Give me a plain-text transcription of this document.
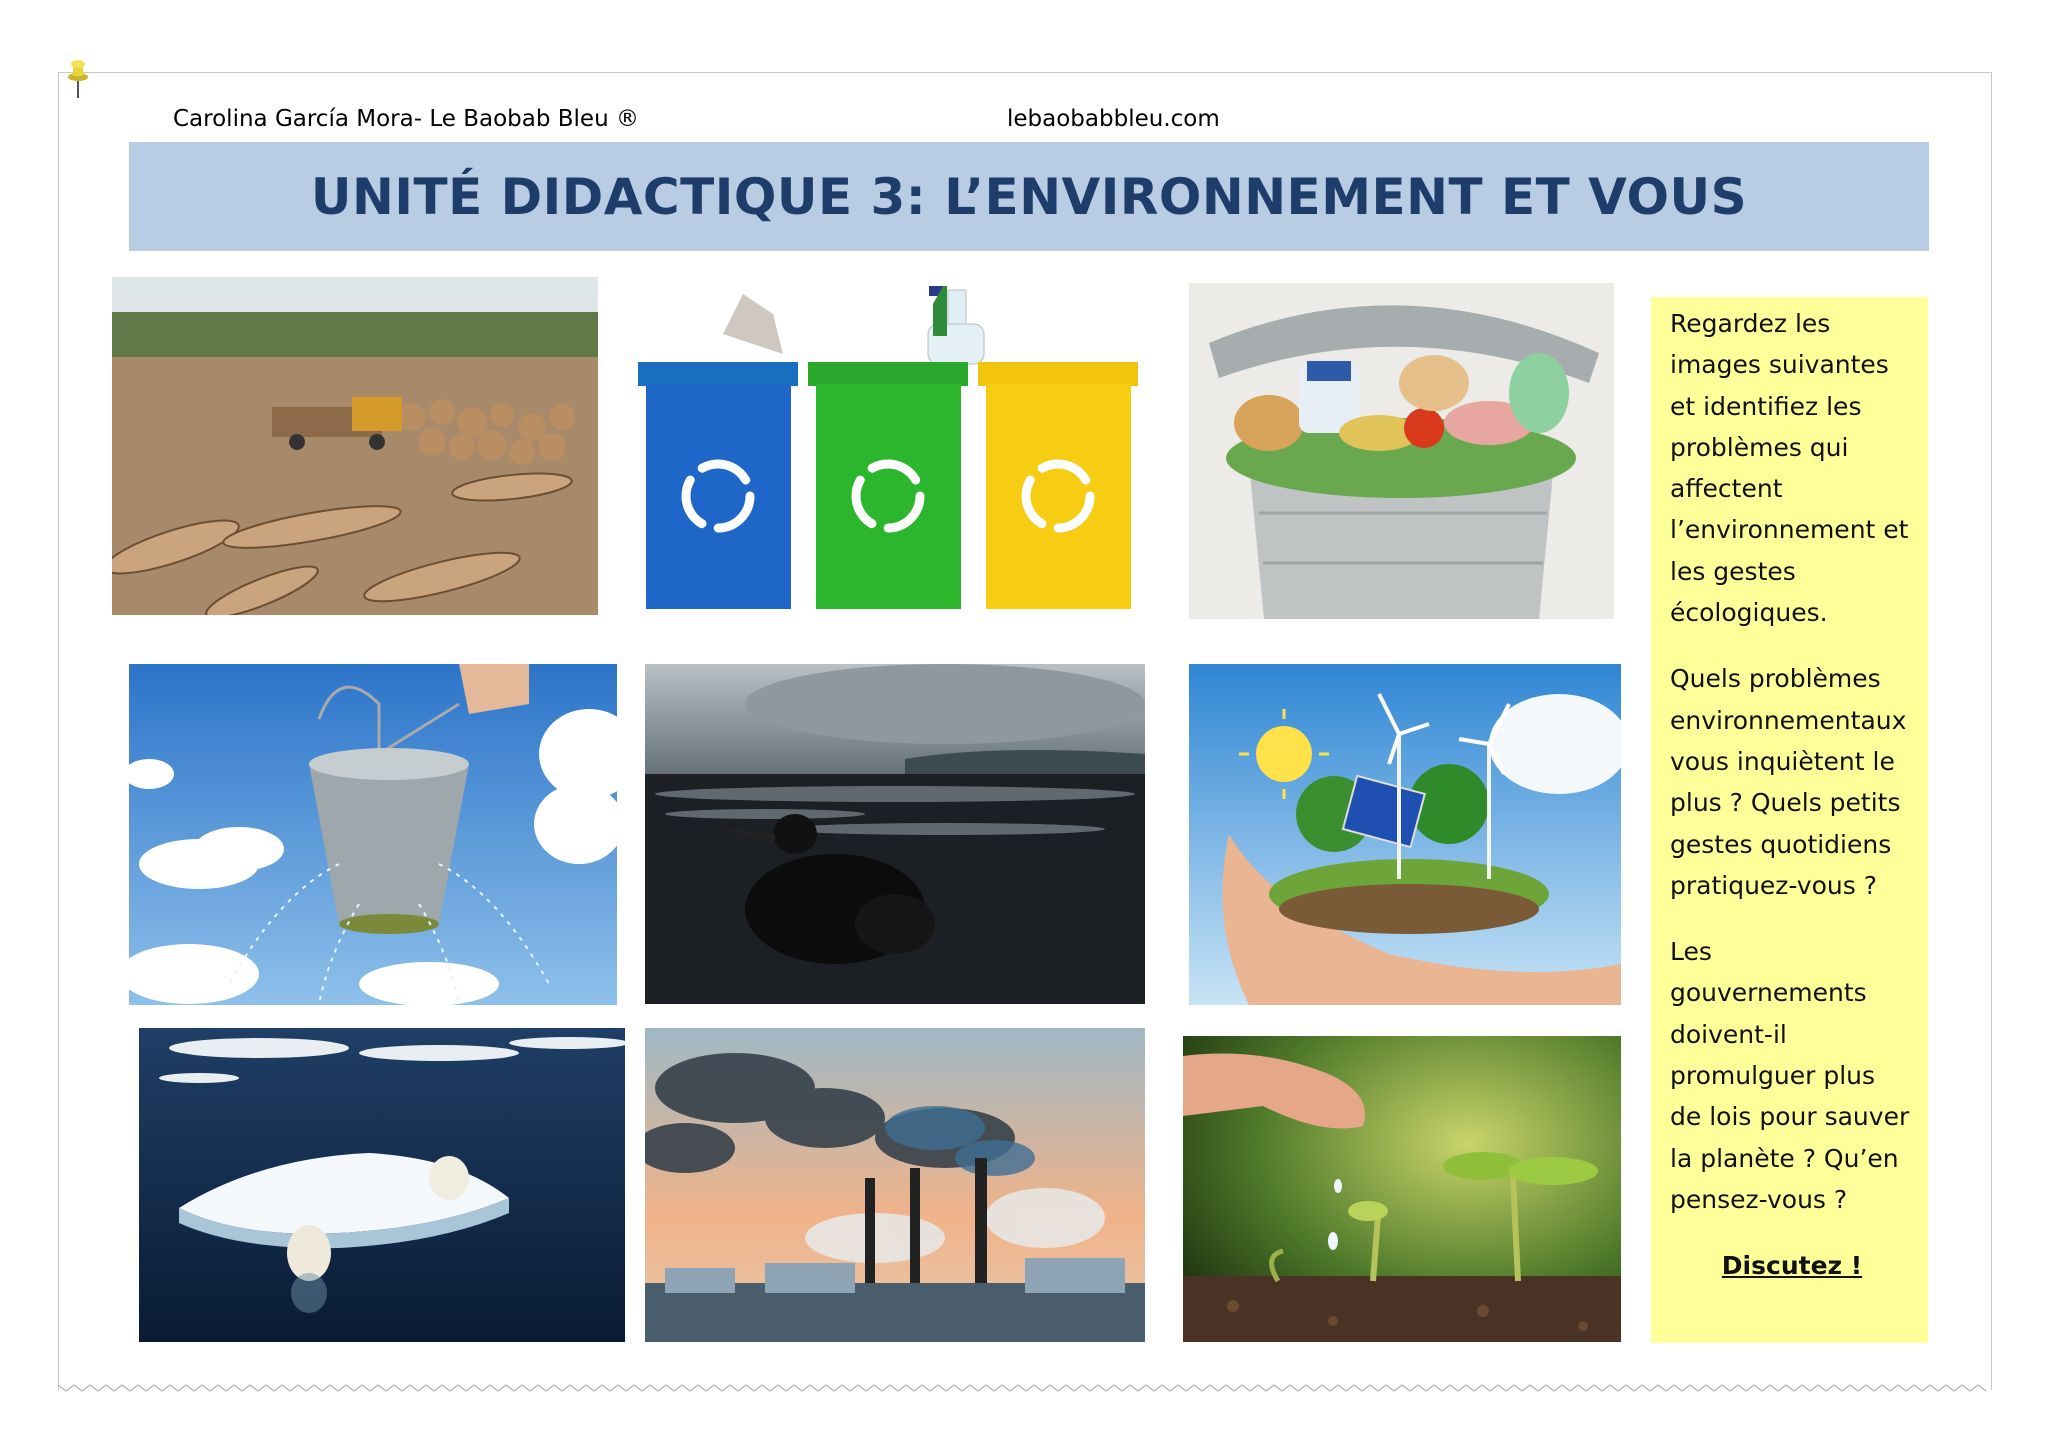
Carolina García Mora- Le Baobab Bleu ®	lebaobabbleu.com
UNITÉ DIDACTIQUE 3: L’ENVIRONNEMENT ET VOUS

Regardez les images suivantes et identifiez les problèmes qui affectent l’environnement et les gestes écologiques.

Quels problèmes environnementaux vous inquiètent le plus ? Quels petits gestes quotidiens pratiquez-vous ?

Les gouvernements doivent-il promulguer plus de lois pour sauver la planète ? Qu’en pensez-vous ?

Discutez !
